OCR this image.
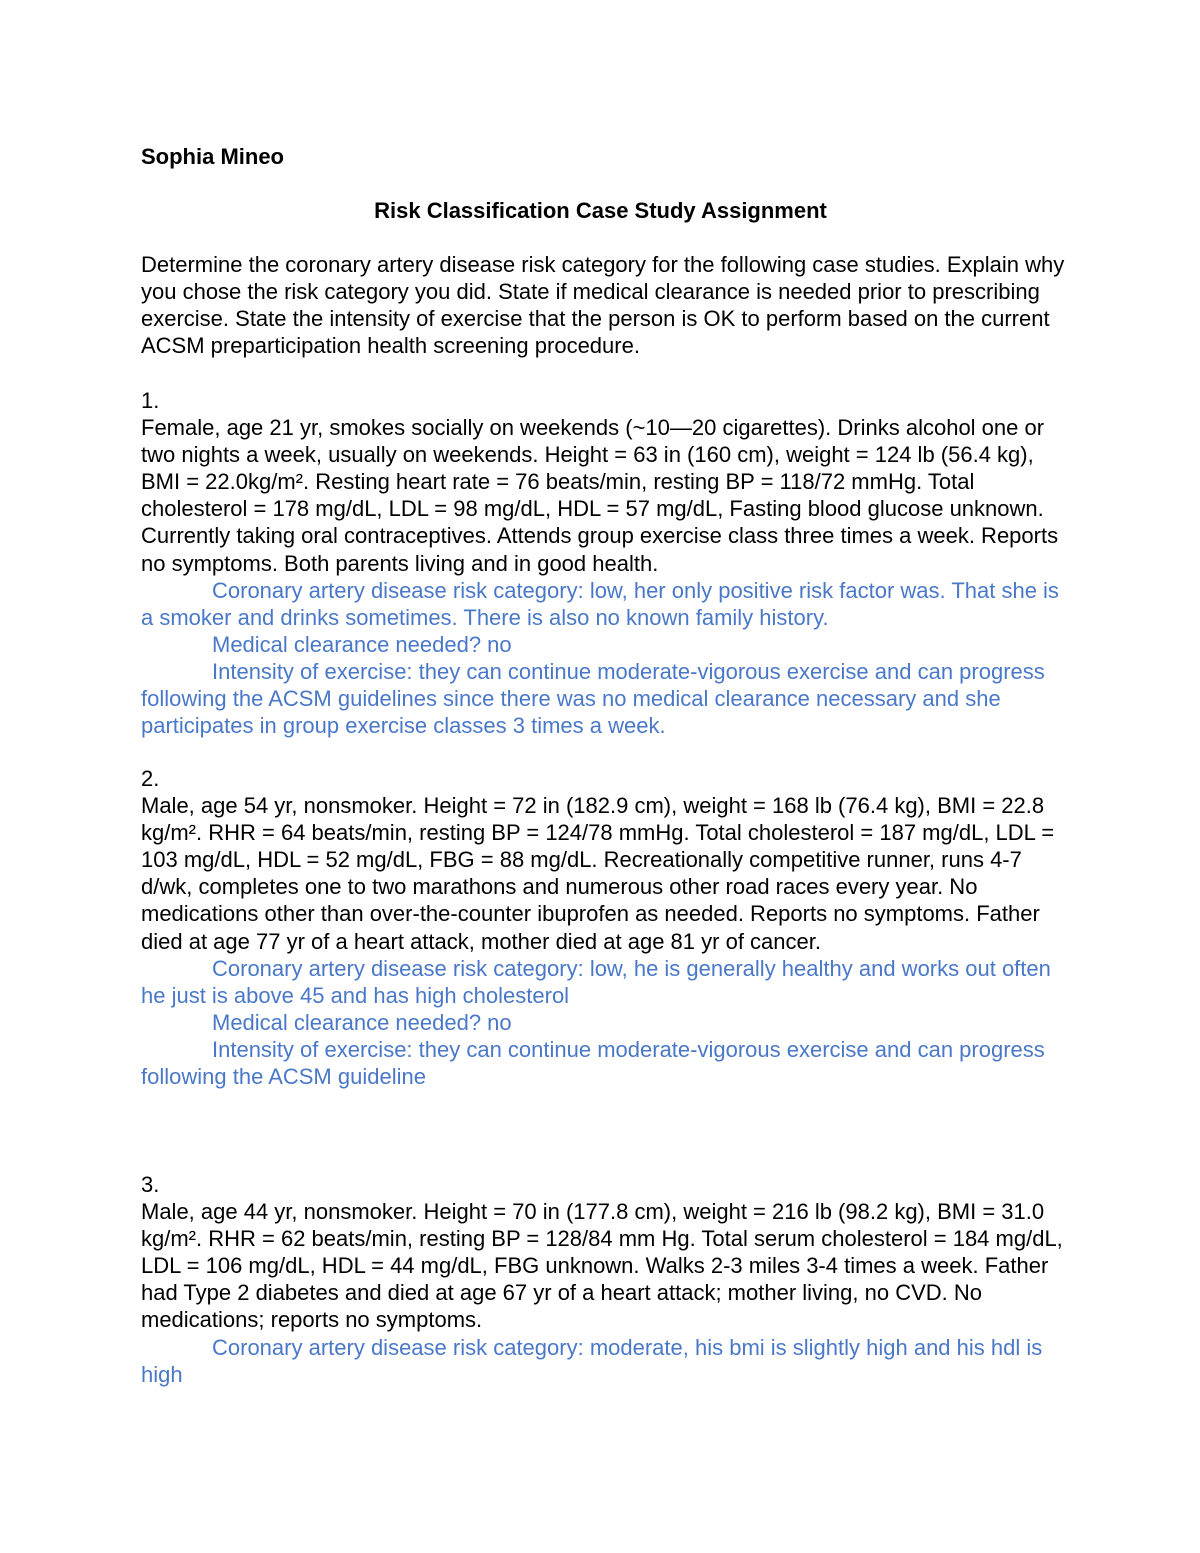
Sophia Mineo

Risk Classification Case Study Assignment

Determine the coronary artery disease risk category for the following case studies. Explain why you chose the risk category you did. State if medical clearance is needed prior to prescribing exercise. State the intensity of exercise that the person is OK to perform based on the current ACSM preparticipation health screening procedure.

1.

Female, age 21 yr, smokes socially on weekends (~10—20 cigarettes). Drinks alcohol one or two nights a week, usually on weekends. Height = 63 in (160 cm), weight = 124 lb (56.4 kg), BMI = 22.0kg/m². Resting heart rate = 76 beats/min, resting BP = 118/72 mmHg. Total cholesterol = 178 mg/dL, LDL = 98 mg/dL, HDL = 57 mg/dL, Fasting blood glucose unknown. Currently taking oral contraceptives. Attends group exercise class three times a week. Reports no symptoms. Both parents living and in good health.

Coronary artery disease risk category: low, her only positive risk factor was. That she is a smoker and drinks sometimes. There is also no known family history.

Medical clearance needed? no

Intensity of exercise: they can continue moderate-vigorous exercise and can progress following the ACSM guidelines since there was no medical clearance necessary and she participates in group exercise classes 3 times a week.

2.

Male, age 54 yr, nonsmoker. Height = 72 in (182.9 cm), weight = 168 lb (76.4 kg), BMI = 22.8 kg/m². RHR = 64 beats/min, resting BP = 124/78 mmHg. Total cholesterol = 187 mg/dL, LDL = 103 mg/dL, HDL = 52 mg/dL, FBG = 88 mg/dL. Recreationally competitive runner, runs 4-7 d/wk, completes one to two marathons and numerous other road races every year. No medications other than over-the-counter ibuprofen as needed. Reports no symptoms. Father died at age 77 yr of a heart attack, mother died at age 81 yr of cancer.

Coronary artery disease risk category: low, he is generally healthy and works out often he just is above 45 and has high cholesterol

Medical clearance needed? no

Intensity of exercise: they can continue moderate-vigorous exercise and can progress following the ACSM guideline

3.

Male, age 44 yr, nonsmoker. Height = 70 in (177.8 cm), weight = 216 lb (98.2 kg), BMI = 31.0 kg/m². RHR = 62 beats/min, resting BP = 128/84 mm Hg. Total serum cholesterol = 184 mg/dL, LDL = 106 mg/dL, HDL = 44 mg/dL, FBG unknown. Walks 2-3 miles 3-4 times a week. Father had Type 2 diabetes and died at age 67 yr of a heart attack; mother living, no CVD. No medications; reports no symptoms.

Coronary artery disease risk category: moderate, his bmi is slightly high and his hdl is high
